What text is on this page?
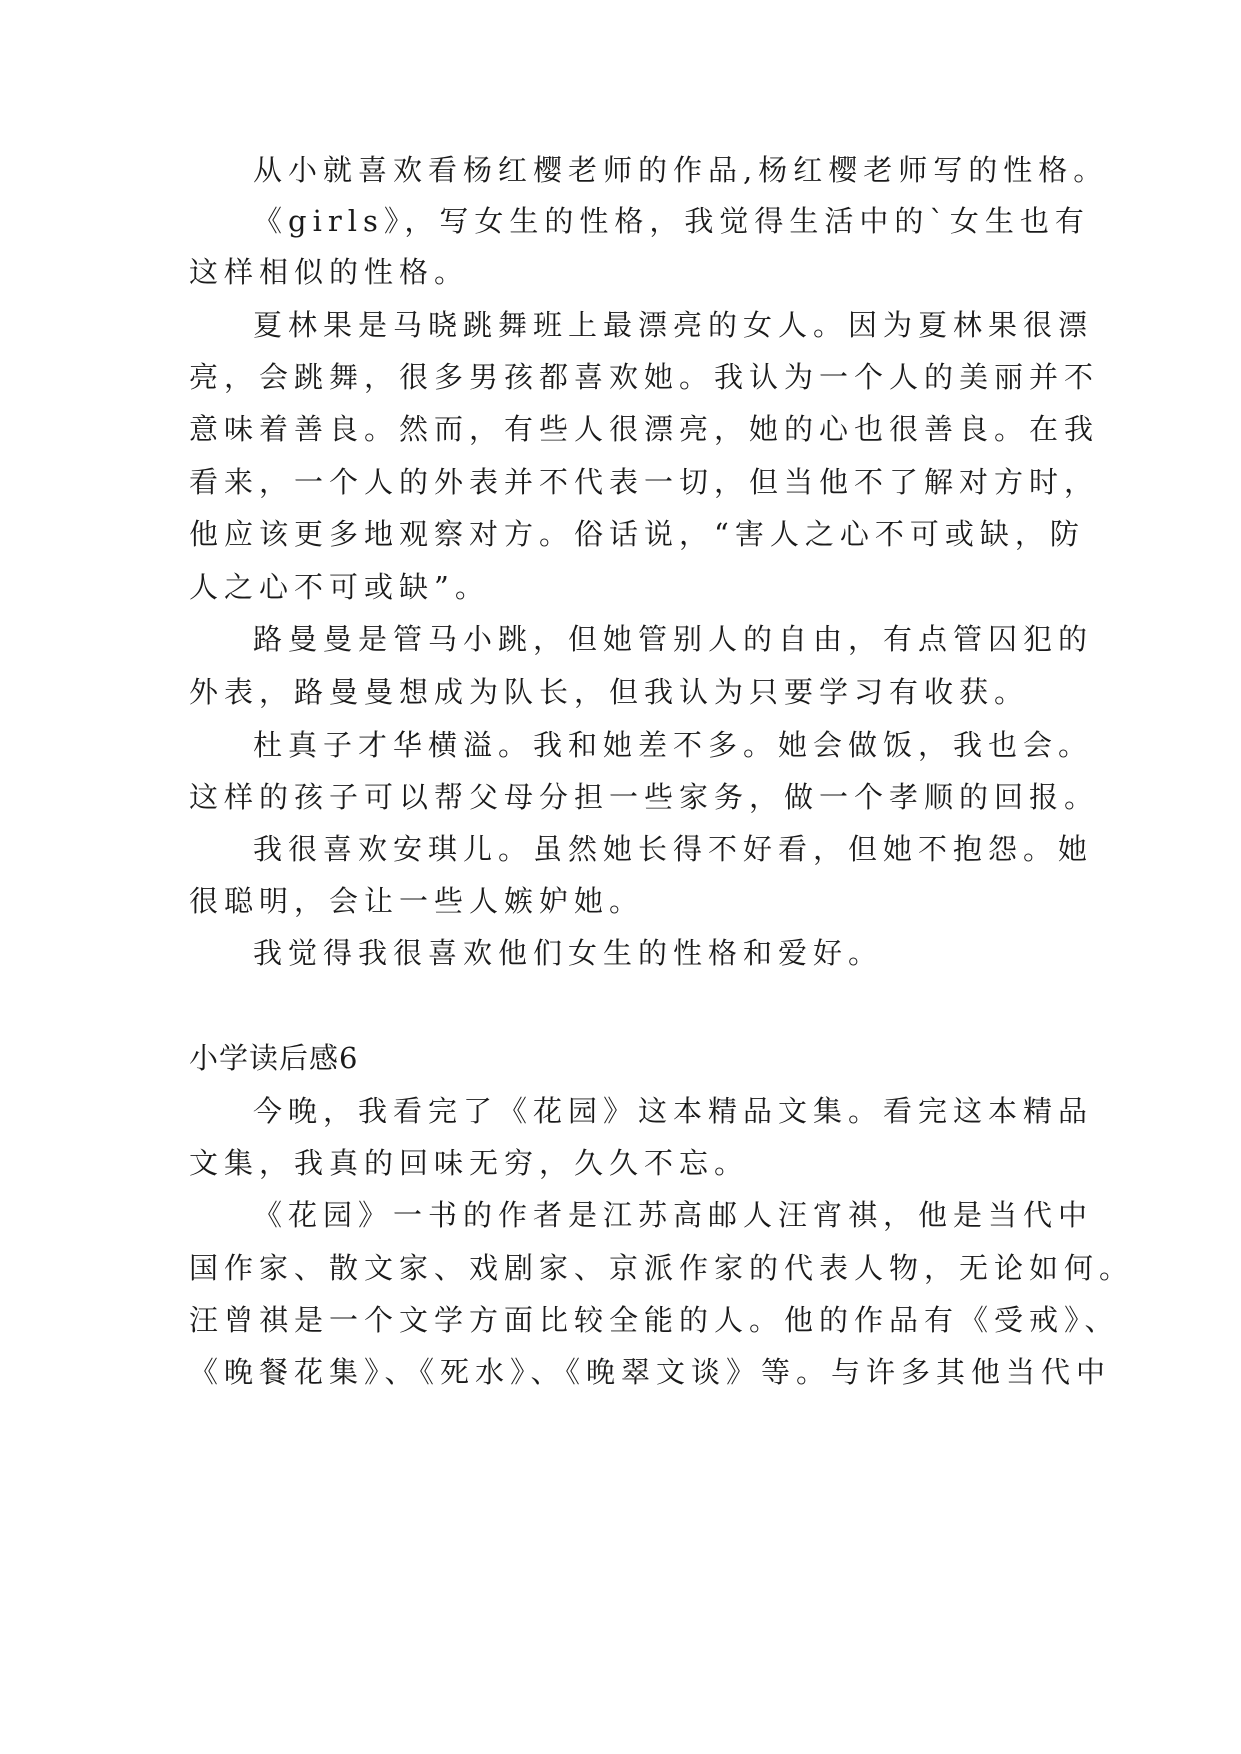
从小就喜欢看杨红樱老师的作品,杨红樱老师写的性格。
《girls》，写女生的性格，我觉得生活中的`女生也有
这样相似的性格。
夏林果是马晓跳舞班上最漂亮的女人。因为夏林果很漂
亮，会跳舞，很多男孩都喜欢她。我认为一个人的美丽并不
意味着善良。然而，有些人很漂亮，她的心也很善良。在我
看来，一个人的外表并不代表一切，但当他不了解对方时，
他应该更多地观察对方。俗话说，“害人之心不可或缺，防
人之心不可或缺”。
路曼曼是管马小跳，但她管别人的自由，有点管囚犯的
外表，路曼曼想成为队长，但我认为只要学习有收获。
杜真子才华横溢。我和她差不多。她会做饭，我也会。
这样的孩子可以帮父母分担一些家务，做一个孝顺的回报。
我很喜欢安琪儿。虽然她长得不好看，但她不抱怨。她
很聪明，会让一些人嫉妒她。
我觉得我很喜欢他们女生的性格和爱好。
小学读后感6
今晚，我看完了《花园》这本精品文集。看完这本精品
文集，我真的回味无穷，久久不忘。
《花园》一书的作者是江苏高邮人汪宵祺，他是当代中
国作家、散文家、戏剧家、京派作家的代表人物，无论如何。
汪曾祺是一个文学方面比较全能的人。他的作品有《受戒》、
《晚餐花集》、《死水》、《晚翠文谈》等。与许多其他当代中
